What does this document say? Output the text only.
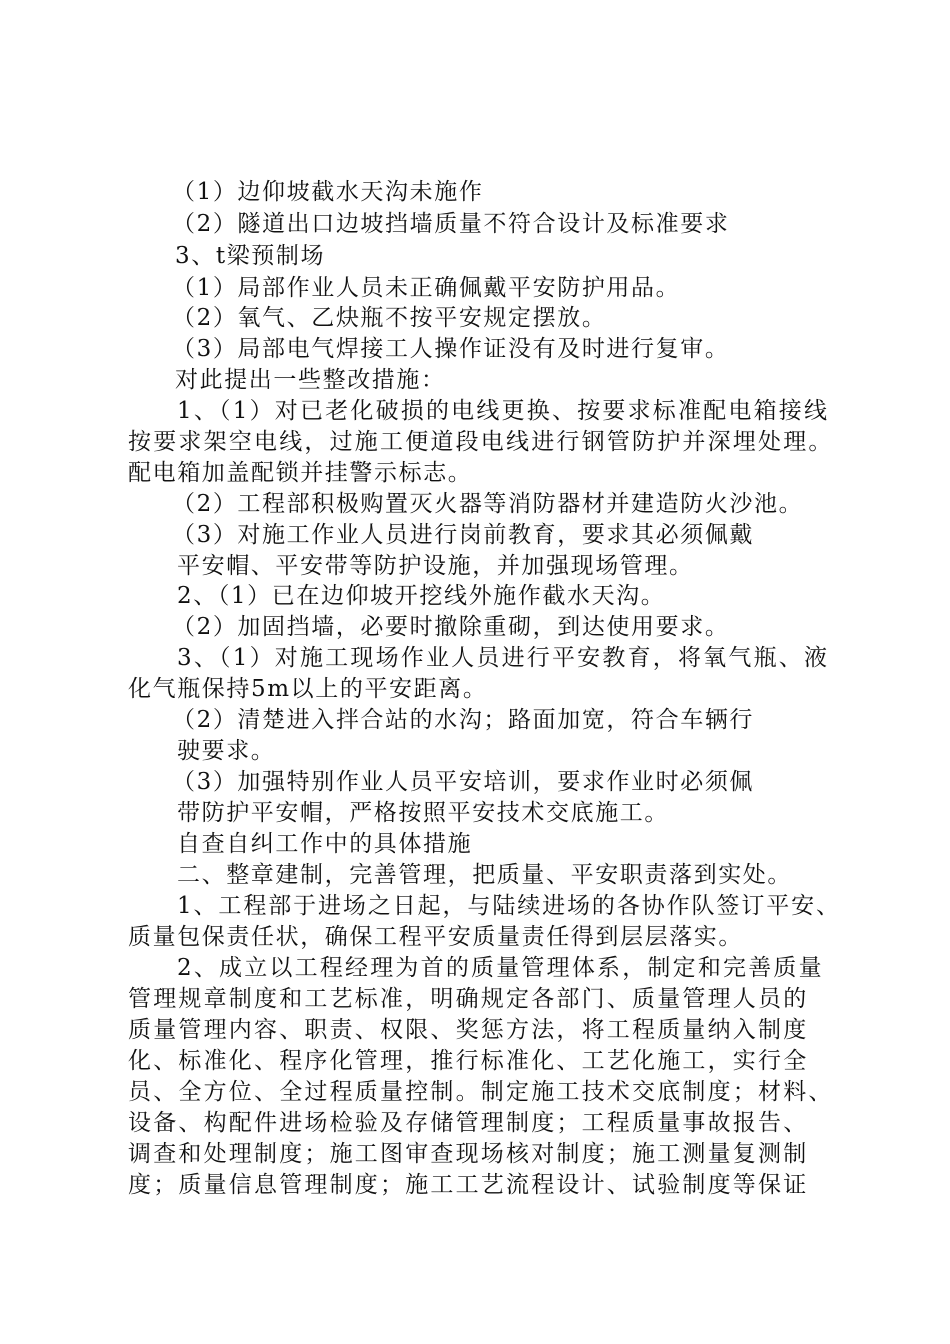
（1）边仰坡截水天沟未施作
（2）隧道出口边坡挡墙质量不符合设计及标准要求
3、t梁预制场
（1）局部作业人员未正确佩戴平安防护用品。
（2）氧气、乙炔瓶不按平安规定摆放。
（3）局部电气焊接工人操作证没有及时进行复审。
对此提出一些整改措施：
1、（1）对已老化破损的电线更换、按要求标准配电箱接线
按要求架空电线，过施工便道段电线进行钢管防护并深埋处理。
配电箱加盖配锁并挂警示标志。
（2）工程部积极购置灭火器等消防器材并建造防火沙池。
（3）对施工作业人员进行岗前教育，要求其必须佩戴
平安帽、平安带等防护设施，并加强现场管理。
2、（1）已在边仰坡开挖线外施作截水天沟。
（2）加固挡墙，必要时撤除重砌，到达使用要求。
3、（1）对施工现场作业人员进行平安教育，将氧气瓶、液
化气瓶保持5m以上的平安距离。
（2）清楚进入拌合站的水沟；路面加宽，符合车辆行
驶要求。
（3）加强特别作业人员平安培训，要求作业时必须佩
带防护平安帽，严格按照平安技术交底施工。
自查自纠工作中的具体措施
二、整章建制，完善管理，把质量、平安职责落到实处。
1、工程部于进场之日起，与陆续进场的各协作队签订平安、
质量包保责任状，确保工程平安质量责任得到层层落实。
2、成立以工程经理为首的质量管理体系，制定和完善质量
管理规章制度和工艺标准，明确规定各部门、质量管理人员的
质量管理内容、职责、权限、奖惩方法，将工程质量纳入制度
化、标准化、程序化管理，推行标准化、工艺化施工，实行全
员、全方位、全过程质量控制。制定施工技术交底制度；材料、
设备、构配件进场检验及存储管理制度；工程质量事故报告、
调查和处理制度；施工图审查现场核对制度；施工测量复测制
度；质量信息管理制度；施工工艺流程设计、试验制度等保证
